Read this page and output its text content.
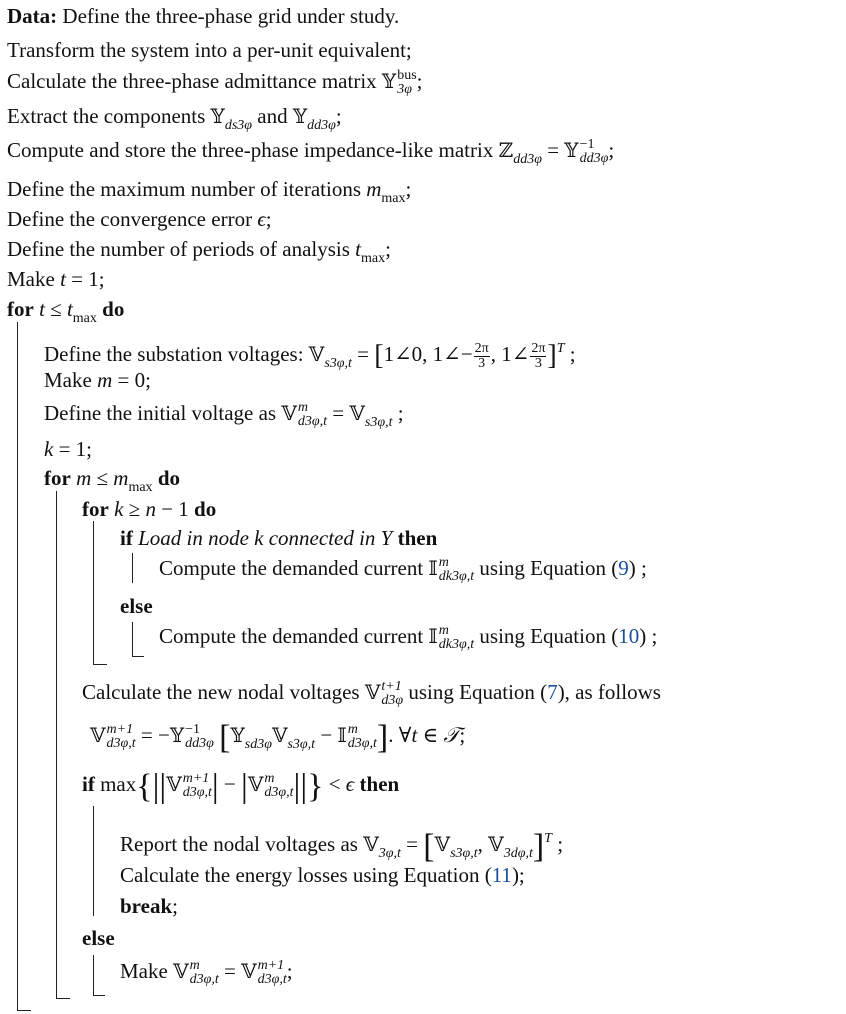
Data: Define the three-phase grid under study.
Transform the system into a per-unit equivalent;
Calculate the three-phase admittance matrix 𝕐 bus
3φ ;
Extract the components 𝕐$_{ds3\varphi}$ and 𝕐$_{dd3\varphi}$;
Compute and store the three-phase impedance-like matrix ℤ$_{dd3\varphi}$ = 𝕐 −1
dd3φ ;
Define the maximum number of iterations $m_{max}$;
Define the convergence error ϵ;
Define the number of periods of analysis $t_{max}$;
Make t = 1;
for $t \le t_{max}$ do
Define the substation voltages: 𝕍$_{s3\varphi,t}$ = [1∠0, 1∠− $\frac{2\pi}{3}$ , 1∠ $\frac{2\pi}{3} ]^T$ ;
Make m = 0;
Define the initial voltage as 𝕍 m
d3φ,t = 𝕍$_{s3\varphi,t}$ ;
k = 1;
for $m \le m_{max}$ do
for k ≥ n − 1 do
if Load in node k connected in Y then
Compute the demanded current 𝕀 m
dk3φ,t using Equation (9) ;
else
Compute the demanded current 𝕀 m
dk3φ,t using Equation (10) ;
Calculate the new nodal voltages 𝕍 t+1
d3φ using Equation (7), as follows
𝕍 m+1
d3φ,t = −𝕐 −1
dd3φ [𝕐$_{sd3\varphi}$𝕍$_{s3\varphi,t}$ − 𝕀 m
d3φ,t ]. ∀t ∈ 𝒯;
if max{||𝕍 m+1
d3φ,t | − |𝕍 m
d3φ,t ||} < ϵ then
Report the nodal voltages as 𝕍$_{3\varphi,t}$ = [𝕍$_{s3\varphi,t}$, 𝕍$_{3d\varphi,t}$]$^T$ ;
Calculate the energy losses using Equation (11);
break;
else
Make 𝕍 m
d3φ,t = 𝕍 m+1
d3φ,t ;
